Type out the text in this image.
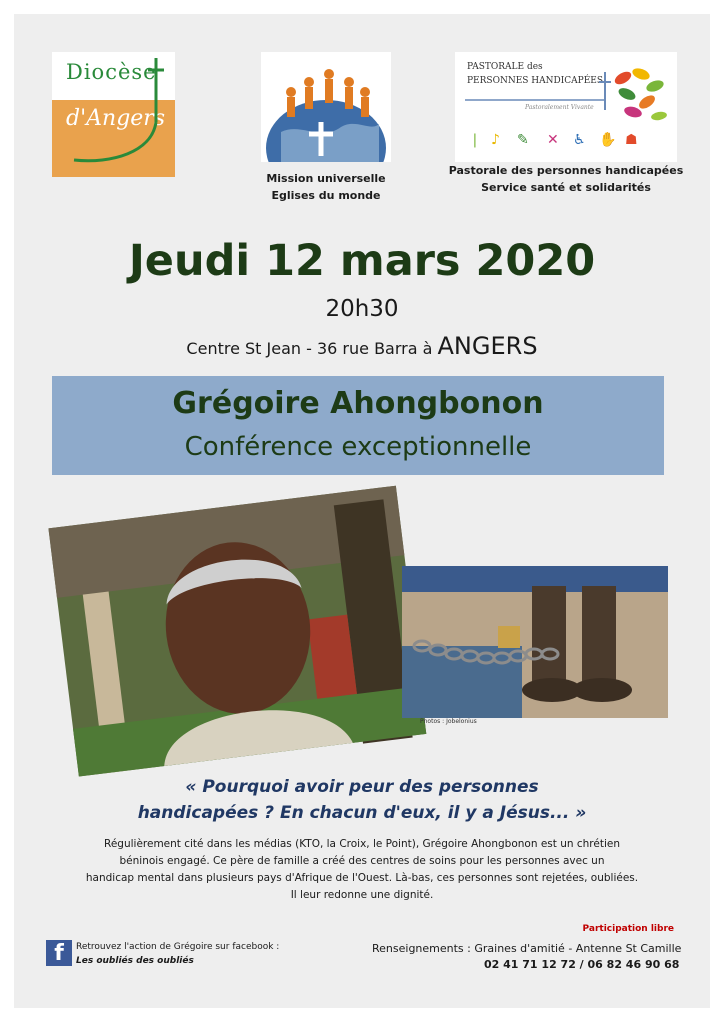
Diocèse
d'Angers
Mission universelle
Eglises du monde
PASTORALE des
PERSONNES HANDICAPÉES
Pastoralement Vivante
❘ ♪ ✎ ✕ ♿ ✋ ☗
Pastorale des personnes handicapées
Service santé et solidarités
Jeudi 12 mars 2020
20h30
Centre St Jean - 36 rue Barra à ANGERS
Grégoire Ahongbonon
Conférence exceptionnelle
Photos : Jobelonius
« Pourquoi avoir peur des personnes
handicapées ? En chacun d'eux, il y a Jésus... »
Régulièrement cité dans les médias (KTO, la Croix, le Point), Grégoire Ahongbonon est un chrétien
béninois engagé. Ce père de famille a créé des centres de soins pour les personnes avec un
handicap mental dans plusieurs pays d'Afrique de l'Ouest. Là-bas, ces personnes sont rejetées, oubliées.
Il leur redonne une dignité.
Participation libre
f	Retrouvez l'action de Grégoire sur facebook :
Les oubliés des oubliés
Renseignements : Graines d'amitié - Antenne St Camille
02 41 71 12 72 / 06 82 46 90 68
